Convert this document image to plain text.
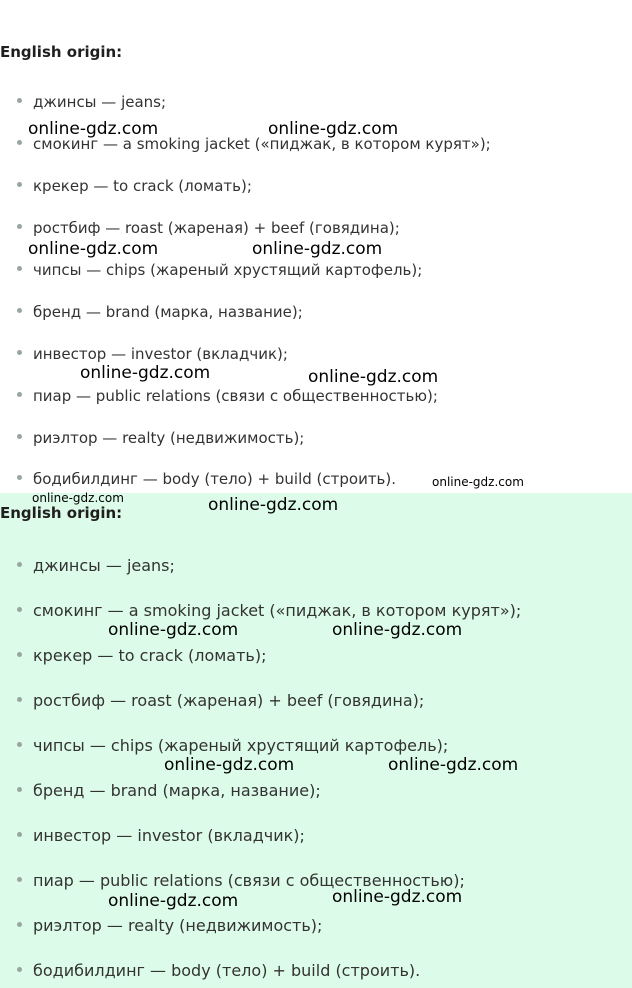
English origin:
джинсы — jeans;
смокинг — a smoking jacket («пиджак, в котором курят»);
крекер — to crack (ломать);
ростбиф — roast (жареная) + beef (говядина);
чипсы — chips (жареный хрустящий картофель);
бренд — brand (марка, название);
инвестор — investor (вкладчик);
пиар — public relations (связи с общественностью);
риэлтор — realty (недвижимость);
бодибилдинг — body (тело) + build (строить).
English origin:
джинсы — jeans;
смокинг — a smoking jacket («пиджак, в котором курят»);
крекер — to crack (ломать);
ростбиф — roast (жареная) + beef (говядина);
чипсы — chips (жареный хрустящий картофель);
бренд — brand (марка, название);
инвестор — investor (вкладчик);
пиар — public relations (связи с общественностью);
риэлтор — realty (недвижимость);
бодибилдинг — body (тело) + build (строить).
online-gdz.com	online-gdz.com
online-gdz.com	online-gdz.com
online-gdz.com	online-gdz.com
online-gdz.com
online-gdz.com	online-gdz.com
online-gdz.com	online-gdz.com
online-gdz.com	online-gdz.com
online-gdz.com	online-gdz.com
